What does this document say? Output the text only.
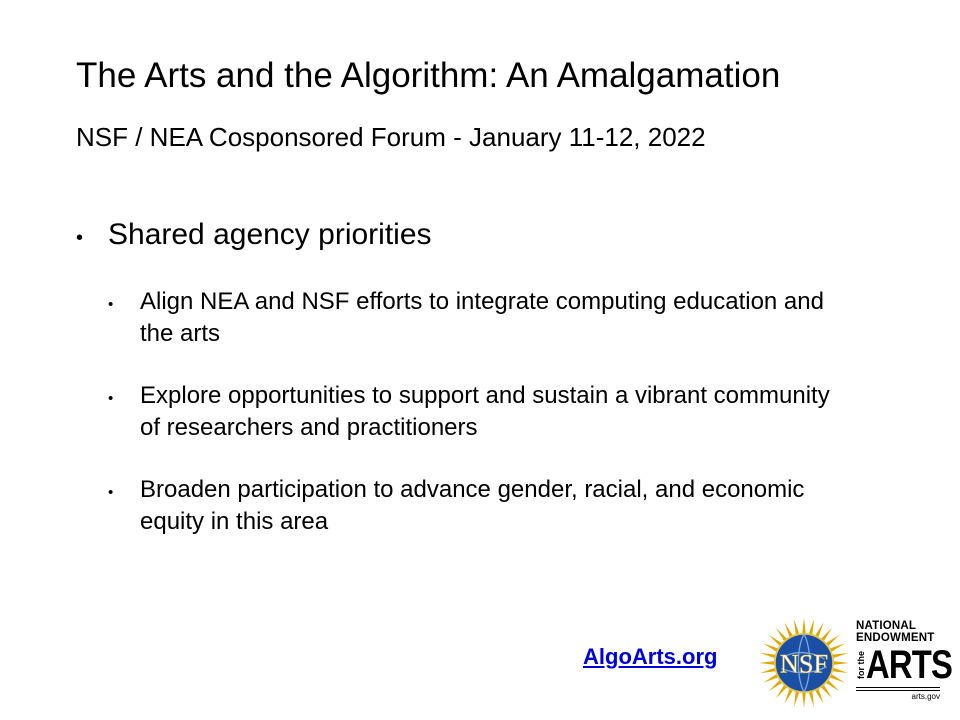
The Arts and the Algorithm: An Amalgamation
NSF / NEA Cosponsored Forum - January 11-12, 2022
• Shared agency priorities
•	Align NEA and NSF efforts to integrate computing education and the arts
•	Explore opportunities to support and sustain a vibrant community of researchers and practitioners
•	Broaden participation to advance gender, racial, and economic equity in this area
AlgoArts.org NSF
NATIONAL
ENDOWMENT
for the ARTS
arts.gov
